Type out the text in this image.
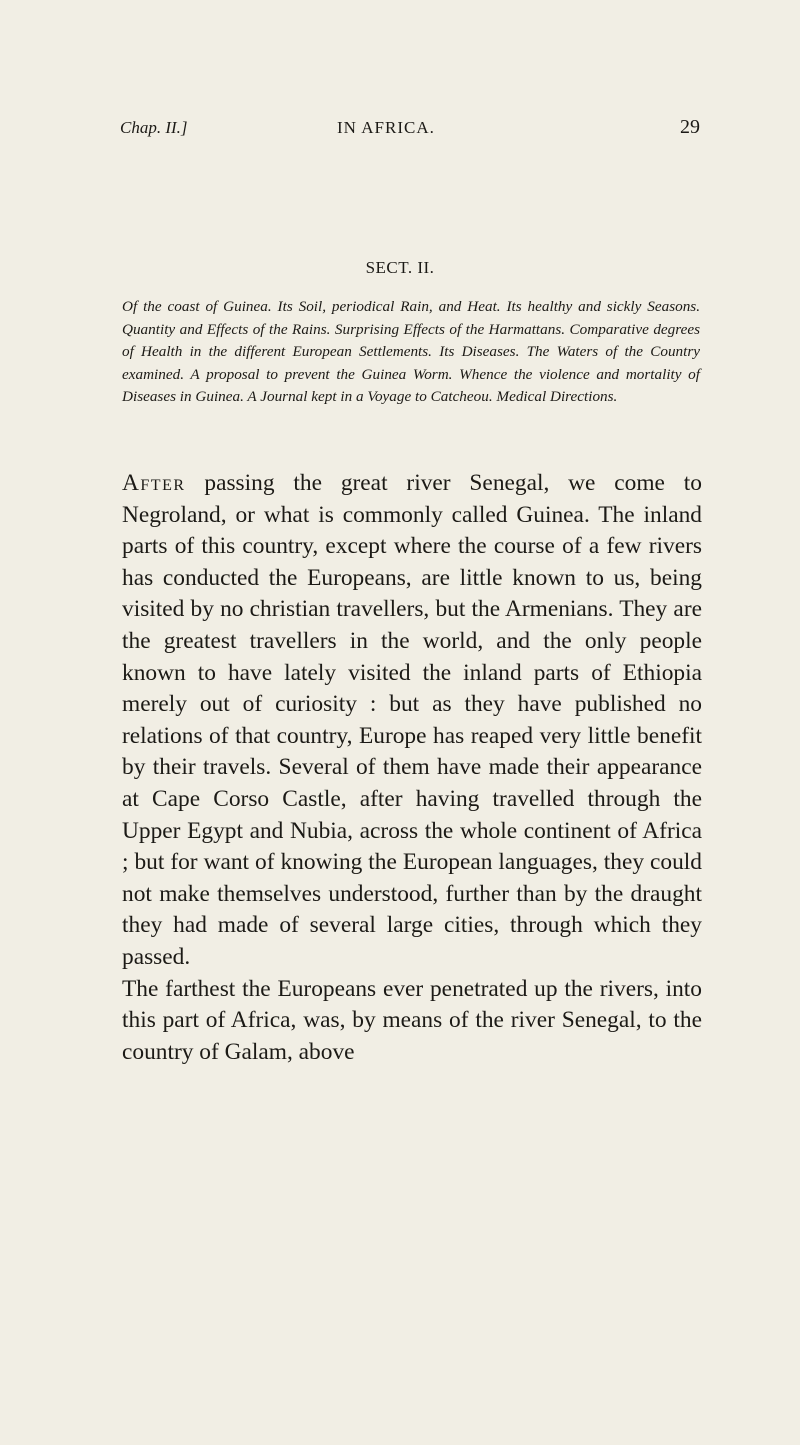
Chap. II.]	IN AFRICA.	29
SECT. II.

Of the coast of Guinea. Its Soil, periodical Rain, and Heat. Its healthy and sickly Seasons. Quantity and Effects of the Rains. Surprising Effects of the Harmattans. Comparative degrees of Health in the different European Settlements. Its Diseases. The Waters of the Country examined. A proposal to prevent the Guinea Worm. Whence the violence and mortality of Diseases in Guinea. A Journal kept in a Voyage to Catcheou. Medical Directions.

After passing the great river Senegal, we come to Negroland, or what is commonly called Guinea. The inland parts of this country, except where the course of a few rivers has conducted the Europeans, are little known to us, being visited by no christian travellers, but the Armenians. They are the greatest travellers in the world, and the only people known to have lately visited the inland parts of Ethiopia merely out of curiosity : but as they have published no relations of that country, Europe has reaped very little benefit by their travels. Several of them have made their appearance at Cape Corso Castle, after having travelled through the Upper Egypt and Nubia, across the whole continent of Africa ; but for want of knowing the European languages, they could not make themselves understood, further than by the draught they had made of several large cities, through which they passed.

The farthest the Europeans ever penetrated up the rivers, into this part of Africa, was, by means of the river Senegal, to the country of Galam, above
